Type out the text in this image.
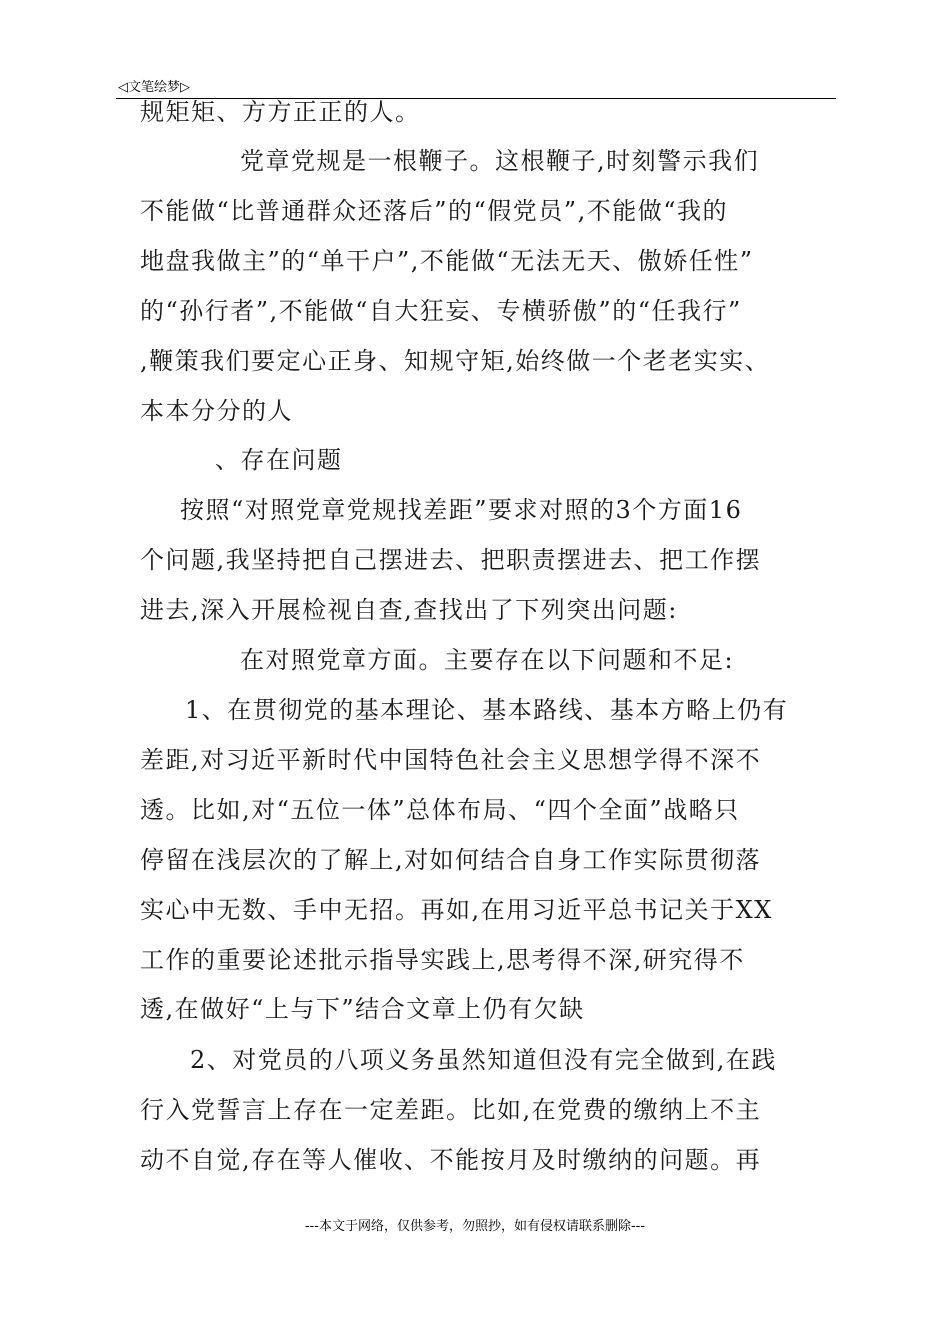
◁文笔绘梦▷
规矩矩、方方正正的人。
党章党规是一根鞭子。这根鞭子,时刻警示我们
不能做“比普通群众还落后”的“假党员”,不能做“我的
地盘我做主”的“单干户”,不能做“无法无天、傲娇任性”
的“孙行者”,不能做“自大狂妄、专横骄傲”的“任我行”
,鞭策我们要定心正身、知规守矩,始终做一个老老实实、
本本分分的人
、存在问题
按照“对照党章党规找差距”要求对照的3个方面16
个问题,我坚持把自己摆进去、把职责摆进去、把工作摆
进去,深入开展检视自查,查找出了下列突出问题:
在对照党章方面。主要存在以下问题和不足:
1、在贯彻党的基本理论、基本路线、基本方略上仍有
差距,对习近平新时代中国特色社会主义思想学得不深不
透。比如,对“五位一体”总体布局、“四个全面”战略只
停留在浅层次的了解上,对如何结合自身工作实际贯彻落
实心中无数、手中无招。再如,在用习近平总书记关于XX
工作的重要论述批示指导实践上,思考得不深,研究得不
透,在做好“上与下”结合文章上仍有欠缺
2、对党员的八项义务虽然知道但没有完全做到,在践
行入党誓言上存在一定差距。比如,在党费的缴纳上不主
动不自觉,存在等人催收、不能按月及时缴纳的问题。再
---本文于网络，仅供参考，勿照抄，如有侵权请联系删除---
